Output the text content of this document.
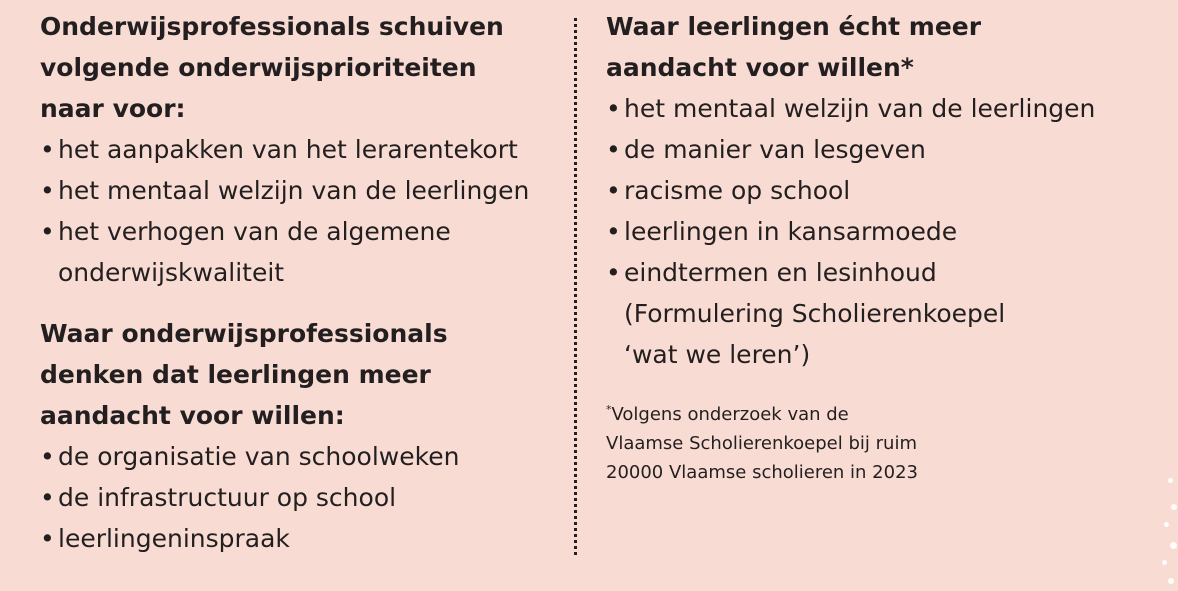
Onderwijsprofessionals schuiven
volgende onderwijsprioriteiten
naar voor:

• het aanpakken van het lerarentekort
• het mentaal welzijn van de leerlingen
• het verhogen van de algemene
onderwijskwaliteit

Waar onderwijsprofessionals
denken dat leerlingen meer
aandacht voor willen:

• de organisatie van schoolweken
• de infrastructuur op school
• leerlingeninspraak

Waar leerlingen écht meer
aandacht voor willen*

• het mentaal welzijn van de leerlingen
• de manier van lesgeven
• racisme op school
• leerlingen in kansarmoede
• eindtermen en lesinhoud
(Formulering Scholierenkoepel
‘wat we leren’)
*Volgens onderzoek van de
Vlaamse Scholierenkoepel bij ruim
20000 Vlaamse scholieren in 2023
